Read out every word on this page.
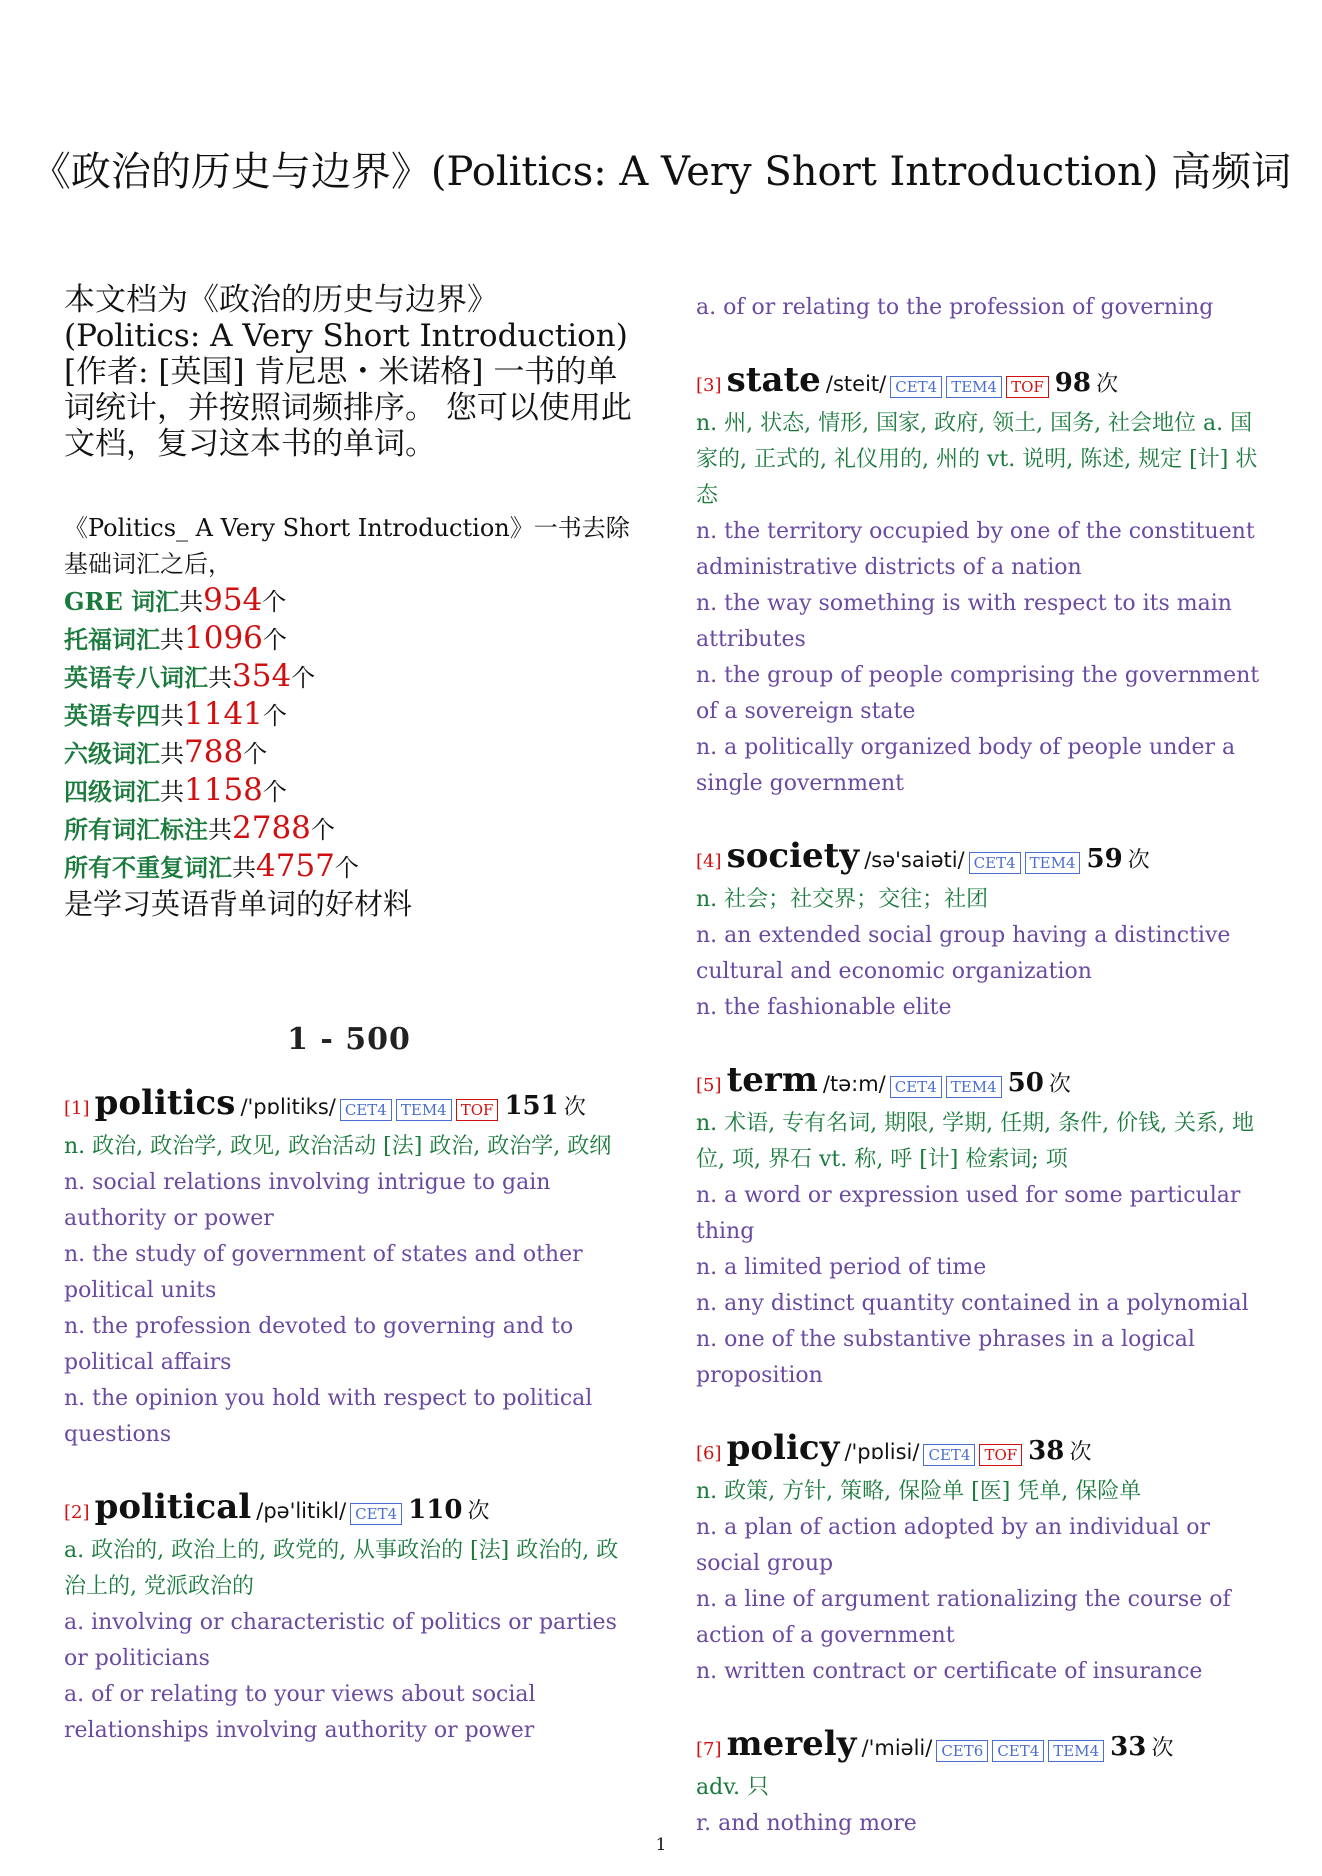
《政治的历史与边界》(Politics: A Very Short Introduction) 高频词
本文档为《政治的历史与边界》(Politics: A Very Short Introduction)[作者: [英国] 肯尼思・米诺格] 一书的单词统计，并按照词频排序。 您可以使用此文档，复习这本书的单词。
《Politics_ A Very Short Introduction》一书去除基础词汇之后，
GRE 词汇共954个
托福词汇共1096个
英语专八词汇共354个
英语专四共1141个
六级词汇共788个
四级词汇共1158个
所有词汇标注共2788个
所有不重复词汇共4757个
是学习英语背单词的好材料
1 - 500
[1] politics /'pɒlitiks/ CET4 TEM4 TOF 151 次
n. 政治, 政治学, 政见, 政治活动 [法] 政治, 政治学, 政纲
n. social relations involving intrigue to gain authority or power
n. the study of government of states and other political units
n. the profession devoted to governing and to political affairs
n. the opinion you hold with respect to political questions
[2] political /pə'litikl/ CET4 110 次
a. 政治的, 政治上的, 政党的, 从事政治的 [法] 政治的, 政治上的, 党派政治的
a. involving or characteristic of politics or parties or politicians
a. of or relating to your views about social relationships involving authority or power
a. of or relating to the profession of governing
[3] state /steit/ CET4 TEM4 TOF 98 次
n. 州, 状态, 情形, 国家, 政府, 领土, 国务, 社会地位 a. 国家的, 正式的, 礼仪用的, 州的 vt. 说明, 陈述, 规定 [计] 状态
n. the territory occupied by one of the constituent administrative districts of a nation
n. the way something is with respect to its main attributes
n. the group of people comprising the government of a sovereign state
n. a politically organized body of people under a single government
[4] society /sə'saiəti/ CET4 TEM4 59 次
n. 社会；社交界；交往；社团
n. an extended social group having a distinctive cultural and economic organization
n. the fashionable elite
[5] term /tə:m/ CET4 TEM4 50 次
n. 术语, 专有名词, 期限, 学期, 任期, 条件, 价钱, 关系, 地位, 项, 界石 vt. 称, 呼 [计] 检索词; 项
n. a word or expression used for some particular thing
n. a limited period of time
n. any distinct quantity contained in a polynomial
n. one of the substantive phrases in a logical proposition
[6] policy /'pɒlisi/ CET4 TOF 38 次
n. 政策, 方针, 策略, 保险单 [医] 凭单, 保险单
n. a plan of action adopted by an individual or social group
n. a line of argument rationalizing the course of action of a government
n. written contract or certificate of insurance
[7] merely /'miəli/ CET6 CET4 TEM4 33 次
adv. 只
r. and nothing more
1
